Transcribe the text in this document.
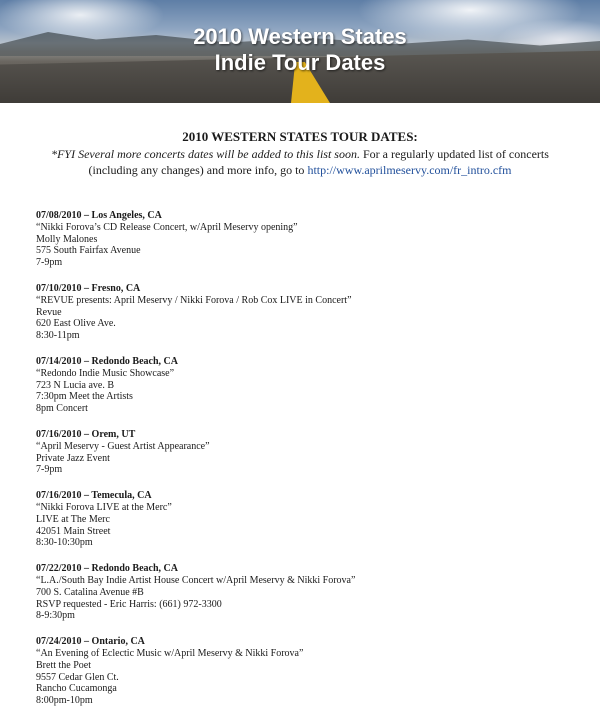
2010 Western States
Indie Tour Dates
2010 WESTERN STATES TOUR DATES:
*FYI Several more concerts dates will be added to this list soon. For a regularly updated list of concerts (including any changes) and more info, go to http://www.aprilmeservy.com/fr_intro.cfm
07/08/2010 – Los Angeles, CA
“Nikki Forova’s CD Release Concert, w/April Meservy opening”
Molly Malones
575 South Fairfax Avenue
7-9pm
07/10/2010 – Fresno, CA
“REVUE presents: April Meservy / Nikki Forova / Rob Cox LIVE in Concert”
Revue
620 East Olive Ave.
8:30-11pm
07/14/2010 – Redondo Beach, CA
“Redondo Indie Music Showcase”
723 N Lucia ave. B
7:30pm Meet the Artists
8pm Concert
07/16/2010 – Orem, UT
“April Meservy - Guest Artist Appearance”
Private Jazz Event
7-9pm
07/16/2010 – Temecula, CA
“Nikki Forova LIVE at the Merc”
LIVE at The Merc
42051 Main Street
8:30-10:30pm
07/22/2010 – Redondo Beach, CA
“L.A./South Bay Indie Artist House Concert w/April Meservy & Nikki Forova”
700 S. Catalina Avenue #B
RSVP requested - Eric Harris: (661) 972-3300
8-9:30pm
07/24/2010 – Ontario, CA
“An Evening of Eclectic Music w/April Meservy & Nikki Forova”
Brett the Poet
9557 Cedar Glen Ct.
Rancho Cucamonga
8:00pm-10pm
